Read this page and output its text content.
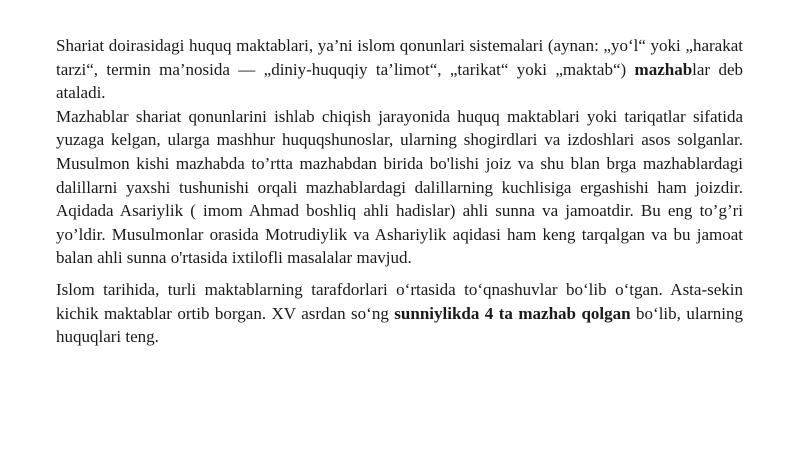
Shariat doirasidagi huquq maktablari, ya’ni islom qonunlari sistemalari (aynan: „yo‘l“ yoki „harakat tarzi“, termin ma’nosida — „diniy-huquqiy ta’limot“, „tarikat“ yoki „maktab“) mazhablar deb ataladi.

Mazhablar shariat qonunlarini ishlab chiqish jarayonida huquq maktablari yoki tariqatlar sifatida yuzaga kelgan, ularga mashhur huquqshunoslar, ularning shogirdlari va izdoshlari asos solganlar. Musulmon kishi mazhabda to’rtta mazhabdan birida bo'lishi joiz va shu blan brga mazhablardagi dalillarni yaxshi tushunishi orqali mazhablardagi dalillarning kuchlisiga ergashishi ham joizdir. Aqidada Asariylik ( imom Ahmad boshliq ahli hadislar) ahli sunna va jamoatdir. Bu eng to’g’ri yo’ldir. Musulmonlar orasida Motrudiylik va Ashariylik aqidasi ham keng tarqalgan va bu jamoat balan ahli sunna o'rtasida ixtilofli masalalar mavjud.

Islom tarihida, turli maktablarning tarafdorlari o‘rtasida to‘qnashuvlar bo‘lib o‘tgan. Asta-sekin kichik maktablar ortib borgan. XV asrdan so‘ng sunniylikda 4 ta mazhab qolgan bo‘lib, ularning huquqlari teng.
